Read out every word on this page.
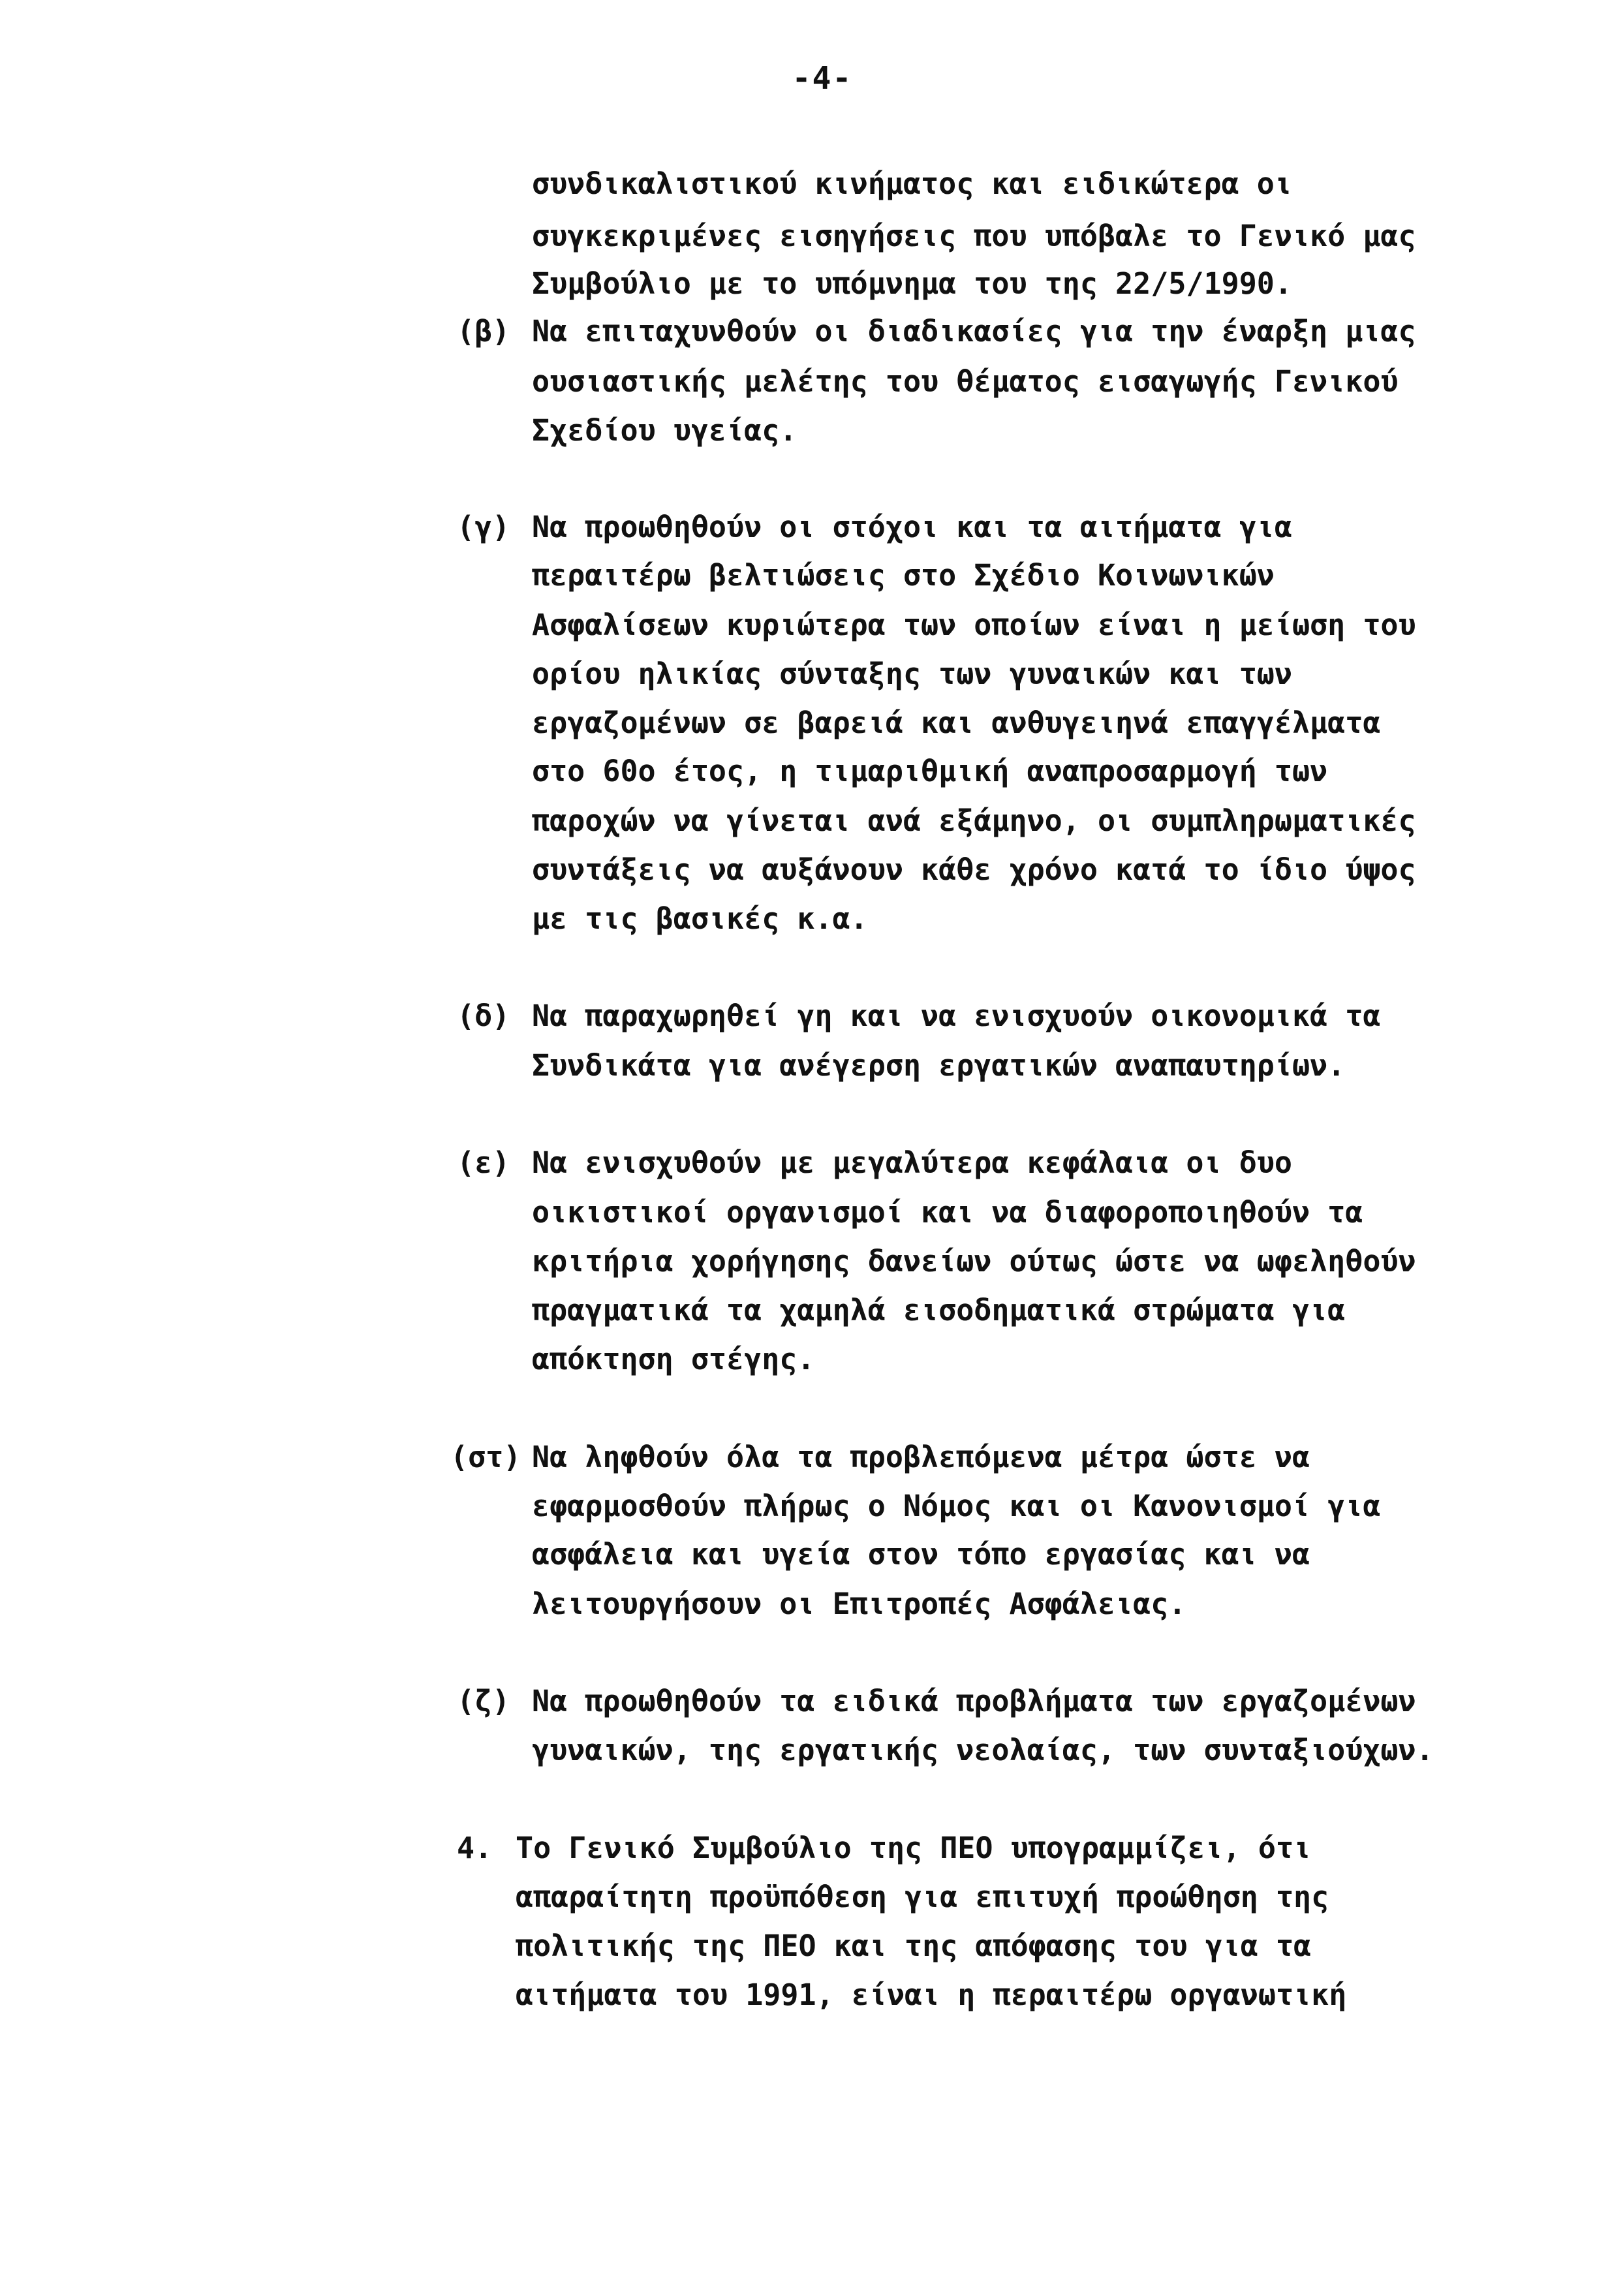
-4-
συνδικαλιστικού κινήματος και ειδικώτερα οι
συγκεκριμένες εισηγήσεις που υπόβαλε το Γενικό μας
Συμβούλιο με το υπόμνημα του της 22/5/1990.
(β) Να επιταχυνθούν οι διαδικασίες για την έναρξη μιας
ουσιαστικής μελέτης του θέματος εισαγωγής Γενικού
Σχεδίου υγείας.
(γ) Να προωθηθούν οι στόχοι και τα αιτήματα για
περαιτέρω βελτιώσεις στο Σχέδιο Κοινωνικών
Ασφαλίσεων κυριώτερα των οποίων είναι η μείωση του
ορίου ηλικίας σύνταξης των γυναικών και των
εργαζομένων σε βαρειά και ανθυγειηνά επαγγέλματα
στο 60ο έτος, η τιμαριθμική αναπροσαρμογή των
παροχών να γίνεται ανά εξάμηνο, οι συμπληρωματικές
συντάξεις να αυξάνουν κάθε χρόνο κατά το ίδιο ύψος
με τις βασικές κ.α.
(δ) Να παραχωρηθεί γη και να ενισχυούν οικονομικά τα
Συνδικάτα για ανέγερση εργατικών αναπαυτηρίων.
(ε) Να ενισχυθούν με μεγαλύτερα κεφάλαια οι δυο
οικιστικοί οργανισμοί και να διαφοροποιηθούν τα
κριτήρια χορήγησης δανείων ούτως ώστε να ωφεληθούν
πραγματικά τα χαμηλά εισοδηματικά στρώματα για
απόκτηση στέγης.
(στ) Να ληφθούν όλα τα προβλεπόμενα μέτρα ώστε να
εφαρμοσθούν πλήρως ο Νόμος και οι Κανονισμοί για
ασφάλεια και υγεία στον τόπο εργασίας και να
λειτουργήσουν οι Επιτροπές Ασφάλειας.
(ζ) Να προωθηθούν τα ειδικά προβλήματα των εργαζομένων
γυναικών, της εργατικής νεολαίας, των συνταξιούχων.
4. Το Γενικό Συμβούλιο της ΠΕΟ υπογραμμίζει, ότι
απαραίτητη προϋπόθεση για επιτυχή προώθηση της
πολιτικής της ΠΕΟ και της απόφασης του για τα
αιτήματα του 1991, είναι η περαιτέρω οργανωτική
